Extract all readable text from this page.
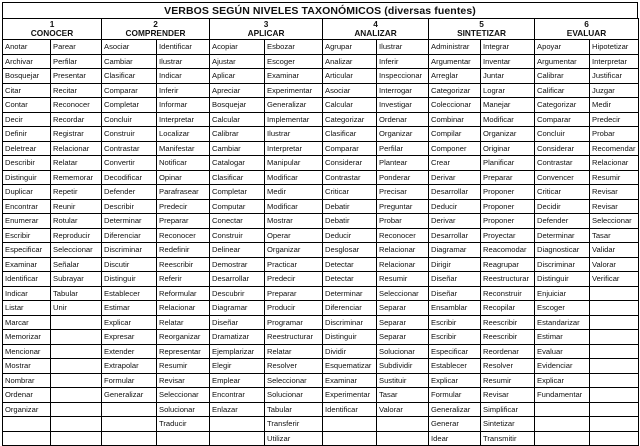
VERBOS SEGÚN NIVELES TAXONÓMICOS (diversas fuentes)
1
CONOCER		2
COMPRENDER		3
APLICAR		4
ANALIZAR		5
SINTETIZAR		6
EVALUAR	

Anotar	Parear	Asociar	Identificar	Acopiar	Esbozar	Agrupar	Ilustrar	Administrar	Integrar	Apoyar	Hipotetizar
Archivar	Perfilar	Cambiar	Ilustrar	Ajustar	Escoger	Analizar	Inferir	Argumentar	Inventar	Argumentar	Interpretar
Bosquejar	Presentar	Clasificar	Indicar	Aplicar	Examinar	Articular	Inspeccionar	Arreglar	Juntar	Calibrar	Justificar
Citar	Recitar	Comparar	Inferir	Apreciar	Experimentar	Asociar	Interrogar	Categorizar	Lograr	Calificar	Juzgar
Contar	Reconocer	Completar	Informar	Bosquejar	Generalizar	Calcular	Investigar	Coleccionar	Manejar	Categorizar	Medir
Decir	Recordar	Concluir	Interpretar	Calcular	Implementar	Categorizar	Ordenar	Combinar	Modificar	Comparar	Predecir
Definir	Registrar	Construir	Localizar	Calibrar	Ilustrar	Clasificar	Organizar	Compilar	Organizar	Concluir	Probar
Deletrear	Relacionar	Contrastar	Manifestar	Cambiar	Interpretar	Comparar	Perfilar	Componer	Originar	Considerar	Recomendar
Describir	Relatar	Convertir	Notificar	Catalogar	Manipular	Considerar	Plantear	Crear	Planificar	Contrastar	Relacionar
Distinguir	Rememorar	Decodificar	Opinar	Clasificar	Modificar	Contrastar	Ponderar	Derivar	Preparar	Convencer	Resumir
Duplicar	Repetir	Defender	Parafrasear	Completar	Medir	Criticar	Precisar	Desarrollar	Proponer	Criticar	Revisar
Encontrar	Reunir	Describir	Predecir	Computar	Modificar	Debatir	Preguntar	Deducir	Proponer	Decidir	Revisar
Enumerar	Rotular	Determinar	Preparar	Conectar	Mostrar	Debatir	Probar	Derivar	Proponer	Defender	Seleccionar
Escribir	Reproducir	Diferenciar	Reconocer	Construir	Operar	Deducir	Reconocer	Desarrollar	Proyectar	Determinar	Tasar
Especificar	Seleccionar	Discriminar	Redefinir	Delinear	Organizar	Desglosar	Relacionar	Diagramar	Reacomodar	Diagnosticar	Validar
Examinar	Señalar	Discutir	Reescribir	Demostrar	Practicar	Detectar	Relacionar	Dirigir	Reagrupar	Discriminar	Valorar
Identificar	Subrayar	Distinguir	Referir	Desarrollar	Predecir	Detectar	Resumir	Diseñar	Reestructurar	Distinguir	Verificar
Indicar	Tabular	Establecer	Reformular	Descubrir	Preparar	Determinar	Seleccionar	Diseñar	Reconstruir	Enjuiciar	
Listar	Unir	Estimar	Relacionar	Diagramar	Producir	Diferenciar	Separar	Ensamblar	Recopilar	Escoger	
Marcar		Explicar	Relatar	Diseñar	Programar	Discriminar	Separar	Escribir	Reescribir	Estandarizar	
Memorizar		Expresar	Reorganizar	Dramatizar	Reestructurar	Distinguir	Separar	Escribir	Reescribir	Estimar	
Mencionar		Extender	Representar	Ejemplarizar	Relatar	Dividir	Solucionar	Especificar	Reordenar	Evaluar	
Mostrar		Extrapolar	Resumir	Elegir	Resolver	Esquematizar	Subdividir	Establecer	Resolver	Evidenciar	
Nombrar		Formular	Revisar	Emplear	Seleccionar	Examinar	Sustituir	Explicar	Resumir	Explicar	
Ordenar		Generalizar	Seleccionar	Encontrar	Solucionar	Experimentar	Tasar	Formular	Revisar	Fundamentar	
Organizar			Solucionar	Enlazar	Tabular	Identificar	Valorar	Generalizar	Simplificar		
			Traducir		Transferir			Generar	Sintetizar		
					Utilizar			Idear	Transmitir		
